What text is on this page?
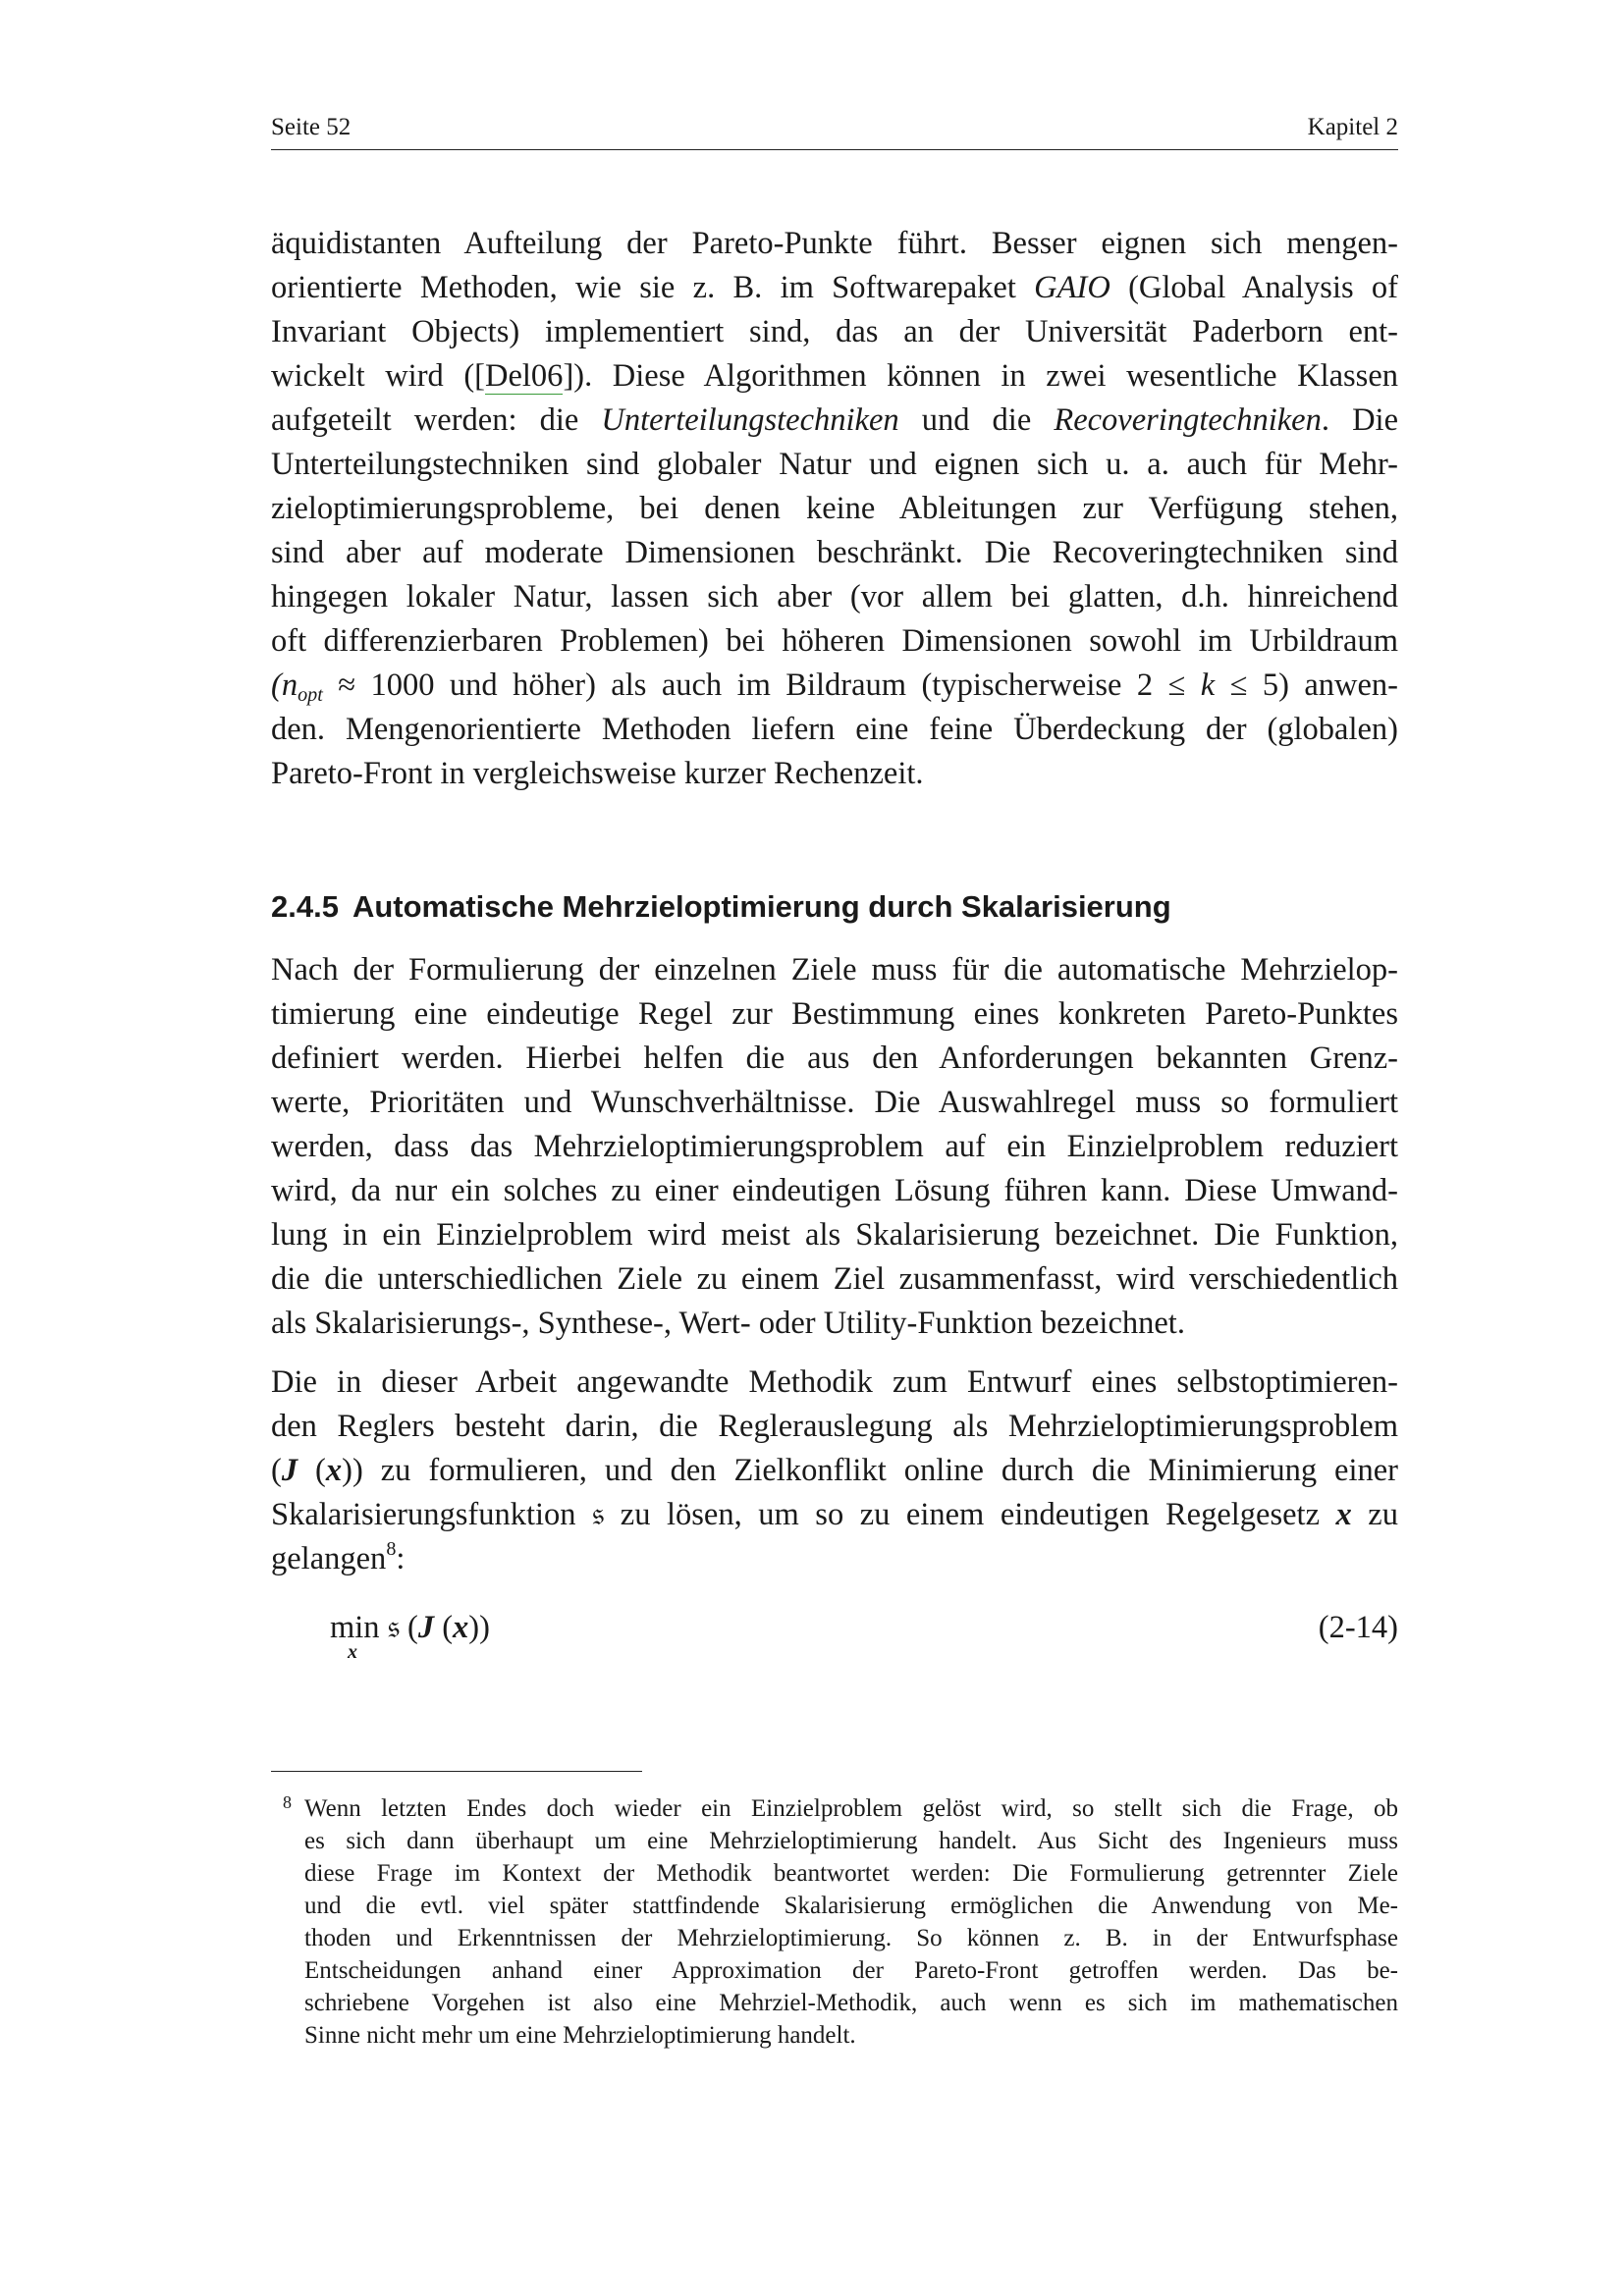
Seite 52	Kapitel 2

äquidistanten Aufteilung der Pareto-Punkte führt. Besser eignen sich mengen-
orientierte Methoden, wie sie z. B. im Softwarepaket GAIO (Global Analysis of
Invariant Objects) implementiert sind, das an der Universität Paderborn ent-
wickelt wird ([Del06]). Diese Algorithmen können in zwei wesentliche Klassen
aufgeteilt werden: die Unterteilungstechniken und die Recoveringtechniken. Die
Unterteilungstechniken sind globaler Natur und eignen sich u. a. auch für Mehr-
zieloptimierungsprobleme, bei denen keine Ableitungen zur Verfügung stehen,
sind aber auf moderate Dimensionen beschränkt. Die Recoveringtechniken sind
hingegen lokaler Natur, lassen sich aber (vor allem bei glatten, d.h. hinreichend
oft differenzierbaren Problemen) bei höheren Dimensionen sowohl im Urbildraum
($n_{opt} \approx 1000$ und höher) als auch im Bildraum (typischerweise 2 ≤ k ≤ 5) anwen-
den. Mengenorientierte Methoden liefern eine feine Überdeckung der (globalen)
Pareto-Front in vergleichsweise kurzer Rechenzeit.

2.4.5 Automatische Mehrzieloptimierung durch Skalarisierung

Nach der Formulierung der einzelnen Ziele muss für die automatische Mehrzielop-
timierung eine eindeutige Regel zur Bestimmung eines konkreten Pareto-Punktes
definiert werden. Hierbei helfen die aus den Anforderungen bekannten Grenz-
werte, Prioritäten und Wunschverhältnisse. Die Auswahlregel muss so formuliert
werden, dass das Mehrzieloptimierungsproblem auf ein Einzielproblem reduziert
wird, da nur ein solches zu einer eindeutigen Lösung führen kann. Diese Umwand-
lung in ein Einzielproblem wird meist als Skalarisierung bezeichnet. Die Funktion,
die die unterschiedlichen Ziele zu einem Ziel zusammenfasst, wird verschiedentlich
als Skalarisierungs-, Synthese-, Wert- oder Utility-Funktion bezeichnet.

Die in dieser Arbeit angewandte Methodik zum Entwurf eines selbstoptimieren-
den Reglers besteht darin, die Reglerauslegung als Mehrzieloptimierungsproblem
(J (x)) zu formulieren, und den Zielkonflikt online durch die Minimierung einer
Skalarisierungsfunktion 𝔰 zu lösen, um so zu einem eindeutigen Regelgesetz x zu
gelangen$^8$:

min
x
𝔰 (J (x))	(2-14)
8 Wenn letzten Endes doch wieder ein Einzielproblem gelöst wird, so stellt sich die Frage, ob
es sich dann überhaupt um eine Mehrzieloptimierung handelt. Aus Sicht des Ingenieurs muss
diese Frage im Kontext der Methodik beantwortet werden: Die Formulierung getrennter Ziele
und die evtl. viel später stattfindende Skalarisierung ermöglichen die Anwendung von Me-
thoden und Erkenntnissen der Mehrzieloptimierung. So können z. B. in der Entwurfsphase
Entscheidungen anhand einer Approximation der Pareto-Front getroffen werden. Das be-
schriebene Vorgehen ist also eine Mehrziel-Methodik, auch wenn es sich im mathematischen
Sinne nicht mehr um eine Mehrzieloptimierung handelt.
